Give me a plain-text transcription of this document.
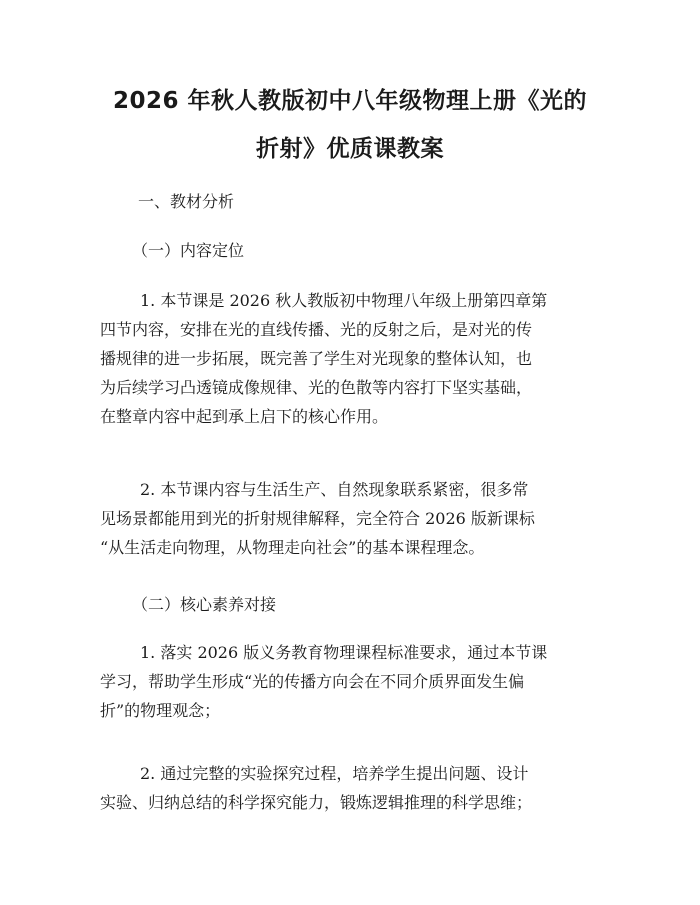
2026 年秋人教版初中八年级物理上册《光的
折射》优质课教案

一、教材分析

（一）内容定位

1. 本节课是 2026 秋人教版初中物理八年级上册第四章第
四节内容，安排在光的直线传播、光的反射之后，是对光的传
播规律的进一步拓展，既完善了学生对光现象的整体认知，也
为后续学习凸透镜成像规律、光的色散等内容打下坚实基础，
在整章内容中起到承上启下的核心作用。
2. 本节课内容与生活生产、自然现象联系紧密，很多常
见场景都能用到光的折射规律解释，完全符合 2026 版新课标
“从生活走向物理，从物理走向社会”的基本课程理念。

（二）核心素养对接

1. 落实 2026 版义务教育物理课程标准要求，通过本节课
学习，帮助学生形成“光的传播方向会在不同介质界面发生偏
折”的物理观念；
2. 通过完整的实验探究过程，培养学生提出问题、设计
实验、归纳总结的科学探究能力，锻炼逻辑推理的科学思维；
